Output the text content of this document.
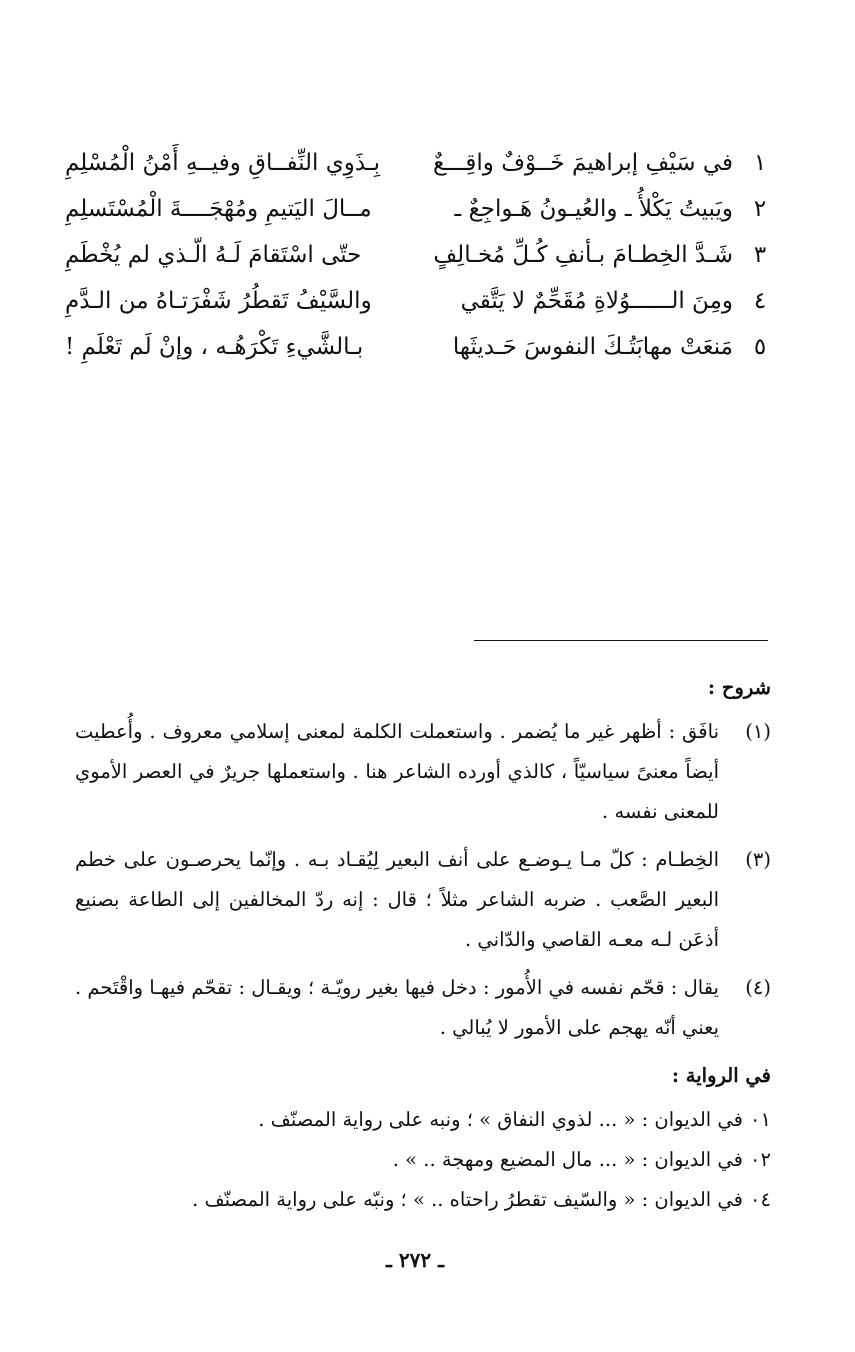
١
في سَيْفِ إبراهيمَ خَــوْفٌ واقِـــعٌ
بِـذَوِي النِّفــاقِ وفيــهِ أَمْنُ الْمُسْلِمِ
٢
ويَبيتُ يَكْلأُ ـ والعُيـونُ هَـواجِعٌ ـ
مــالَ اليَتيمِ ومُهْجَــــةَ الْمُسْتَسلِمِ
٣
شَـدَّ الخِطـامَ بـأنفِ كُـلِّ مُخـالِفٍ
حتّى اسْتَقامَ لَـهُ الّـذي لم يُخْطَمِ
٤
ومِنَ الــــــوُلاةِ مُقَحِّمٌ لا يَتَّقي
والسَّيْفُ تَقطُرُ شَفْرَتـاهُ من الـدَّمِ
٥
مَنعَتْ مهابَتُـكَ النفوسَ حَـديثَها
بـالشَّيءِ تَكْرَهُـه ، وإنْ لَم تَعْلَمِ !
شروح :
(١)
نافَق : أظهر غير ما يُضمر . واستعملت الكلمة لمعنى إسلامي معروف . وأُعطيت أيضاً معنىً سياسيّاً ، كالذي أورده الشاعر هنا . واستعملها جريرٌ في العصر الأموي للمعنى نفسه .
(٣)
الخِطـام : كلّ مـا يـوضـع على أنف البعير لِيُقـاد بـه . وإنّما يحرصـون على خطم البعير الصَّعب . ضربه الشاعر مثلاً ؛ قال : إنه ردّ المخالفين إلى الطاعة بصنيع أذعَن لـه معـه القاصي والدّاني .
(٤)
يقال : قحّم نفسه في الأُمور : دخل فيها بغير رويّـة ؛ ويقـال : تقحّم فيهـا واقْتَحم . يعني أنّه يهجم على الأمور لا يُبالي .
في الرواية :
٠١
في الديوان : « ... لذوي النفاق » ؛ ونبه على رواية المصنّف .
٠٢
في الديوان : « ... مال المضيع ومهجة .. » .
٠٤
في الديوان : « والسّيف تقطرُ راحتاه .. » ؛ ونبّه على رواية المصنّف .
ـ ٢٧٢ ـ
